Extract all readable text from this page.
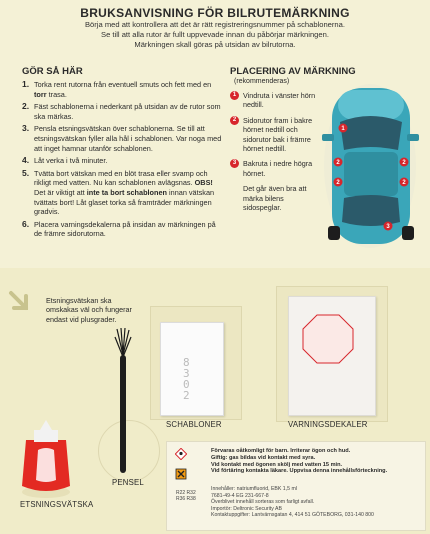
BRUKSANVISNING FÖR BILRUTEMÄRKNING
Börja med att kontrollera att det är rätt registreringsnummer på schablonerna.
Se till att alla rutor är fullt uppvevade innan du påbörjar märkningen.
Märkningen skall göras på utsidan av bilrutorna.
GÖR SÅ HÄR
1. Torka rent rutorna från eventuell smuts och fett med en torr trasa.
2. Fäst schablonerna i nederkant på utsidan av de rutor som ska märkas.
3. Pensla etsningsvätskan över schablonerna. Se till att etsningsvätskan fyller alla hål i schablonen. Var noga med att inget hamnar utanför schablonen.
4. Låt verka i två minuter.
5. Tvätta bort vätskan med en blöt trasa eller svamp och rikligt med vatten. Nu kan schablonen avlägsnas. OBS! Det är viktigt att inte ta bort schablonen innan vätskan tvättats bort! Låt glaset torka så framträder märkningen gradvis.
6. Placera varningsdekalerna på insidan av märkningen på de främre sidorutorna.
PLACERING AV MÄRKNING
(rekommenderas)
1 Vindruta i vänster hörn nedtill.
2 Sidorutor fram i bakre hörnet nedtill och sidorutor bak i främre hörnet nedtill.
3 Bakruta i nedre högra hörnet.
Det går även bra att märka bilens sidospeglar.
1
2	2
2	2
3
Etsningsvätskan ska omskakas väl och fungerar endast vid plusgrader.
8
3
0
2
SCHABLONER
PENSEL
VARNINGSDEKALER
ETSNINGSVÄTSKA
Förvaras oåtkomligt för barn. Irriterar ögon och hud.
Giftig: gas bildas vid kontakt med syra.
Vid kontakt med ögonen skölj med vatten 15 min.
Vid förtäring kontakta läkare. Uppvisa denna innehållsförteckning.
Innehåller: natriumfluorid, EBK 1,5 ml
7681-49-4 EG 231-667-8
Överblivet innehåll sorteras som farligt avfall.
Importör: Deltronic Security AB
Kontaktuppgifter: Lantvärnsgatan 4, 414 51 GÖTEBORG, 031-140 800
R22 R32
R36 R38
